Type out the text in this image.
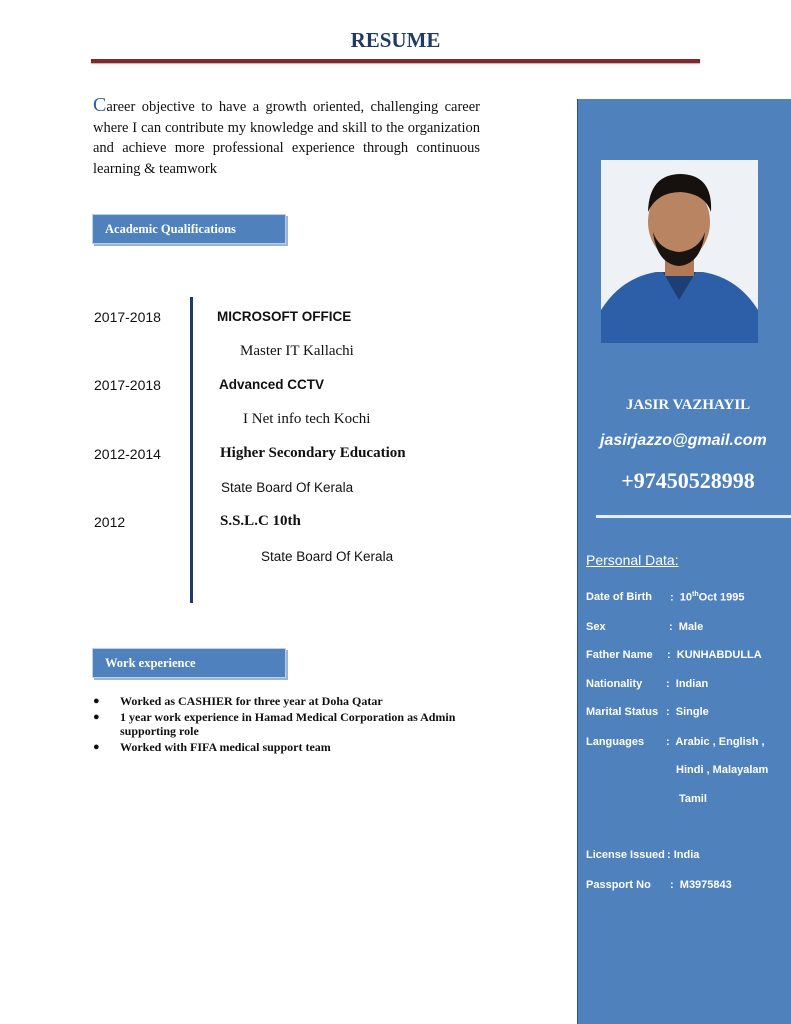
RESUME
Career objective to have a growth oriented, challenging career where I can contribute my knowledge and skill to the organization and achieve more professional experience through continuous learning & teamwork
Academic Qualifications
2017-2018	MICROSOFT OFFICE
Master IT Kallachi
2017-2018	Advanced CCTV
I Net info tech Kochi
2012-2014	Higher Secondary Education
State Board Of Kerala
2012	S.S.L.C 10th
State Board Of Kerala
Work experience
● Worked as CASHIER for three year at Doha Qatar
● 1 year work experience in Hamad Medical Corporation as Admin supporting role
● Worked with FIFA medical support team
JASIR VAZHAYIL
jasirjazzo@gmail.com
+97450528998
Personal Data:
Date of Birth :  10thOct 1995
Sex	:  Male
Father Name :  KUNHABDULLA
Nationality :  Indian
Marital Status :  Single
Languages :  Arabic , English ,
Hindi , Malayalam
Tamil
License Issued : India
Passport No :  M3975843
